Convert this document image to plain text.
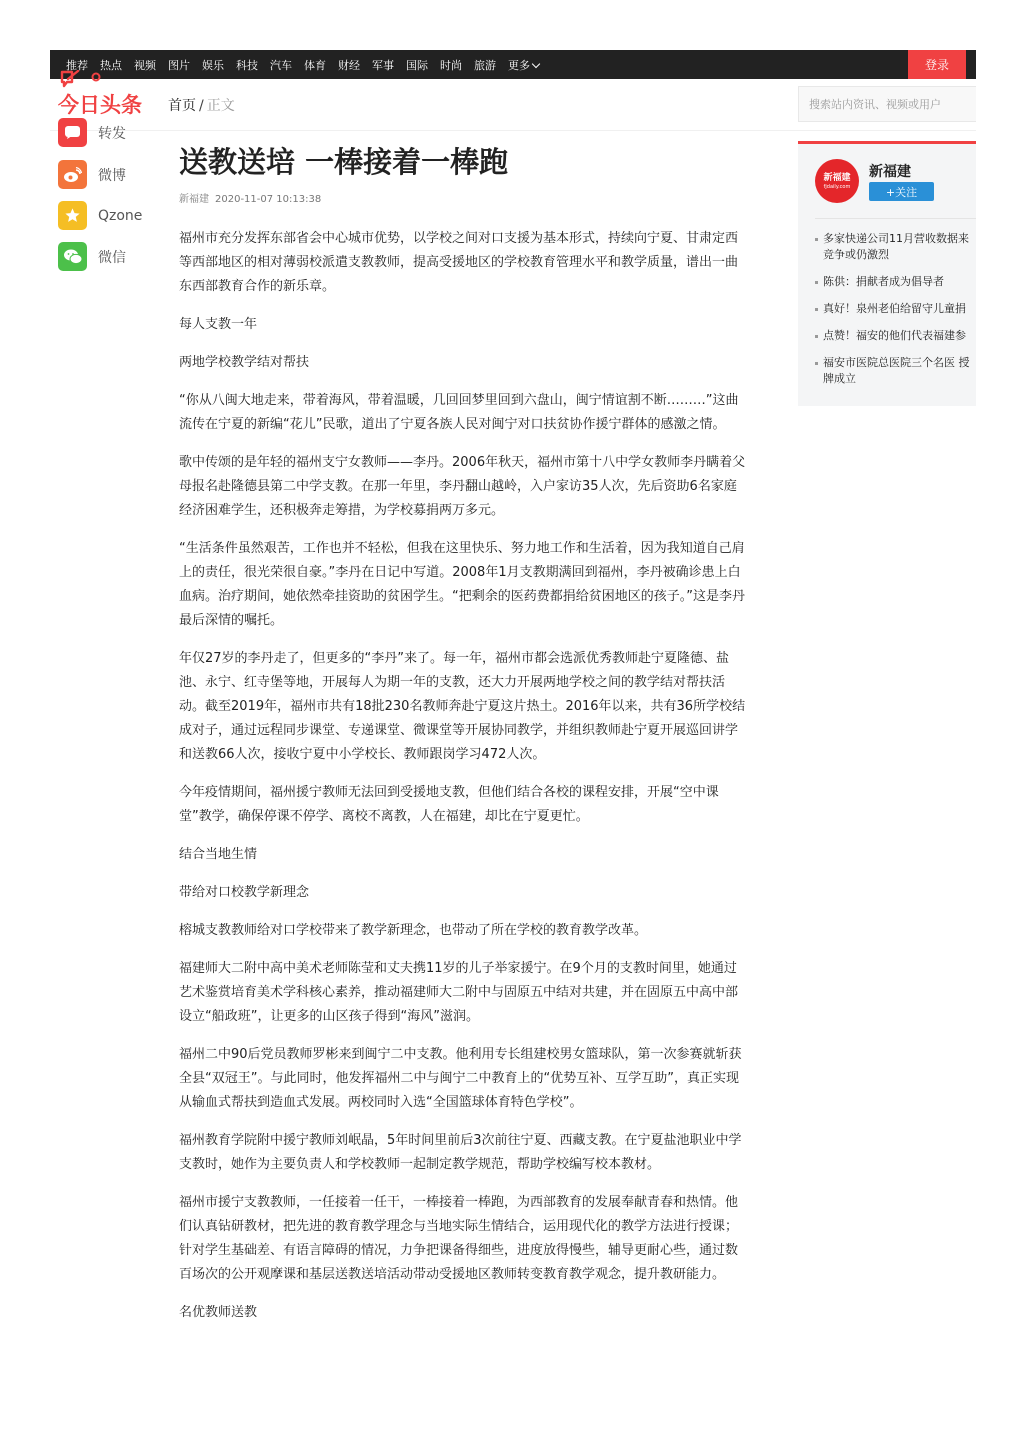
推荐 热点 视频 图片 娱乐 科技 汽车 体育 财经 军事 国际 时尚 旅游 更多	登录
今日头条 首页 / 正文
搜索站内资讯、视频或用户
转发
微博
Qzone
微信
送教送培 一棒接着一棒跑
新福建 2020-11-07 10:13:38

福州市充分发挥东部省会中心城市优势，以学校之间对口支援为基本形式，持续向宁夏、甘肃定西等西部地区的相对薄弱校派遣支教教师，提高受援地区的学校教育管理水平和教学质量，谱出一曲东西部教育合作的新乐章。

每人支教一年

两地学校教学结对帮扶

“你从八闽大地走来，带着海风，带着温暖，几回回梦里回到六盘山，闽宁情谊割不断………”这曲流传在宁夏的新编“花儿”民歌，道出了宁夏各族人民对闽宁对口扶贫协作援宁群体的感激之情。

歌中传颂的是年轻的福州支宁女教师——李丹。2006年秋天，福州市第十八中学女教师李丹瞒着父母报名赴隆德县第二中学支教。在那一年里，李丹翻山越岭，入户家访35人次，先后资助6名家庭经济困难学生，还积极奔走筹措，为学校募捐两万多元。

“生活条件虽然艰苦，工作也并不轻松，但我在这里快乐、努力地工作和生活着，因为我知道自己肩上的责任，很光荣很自豪。”李丹在日记中写道。2008年1月支教期满回到福州，李丹被确诊患上白血病。治疗期间，她依然牵挂资助的贫困学生。“把剩余的医药费都捐给贫困地区的孩子。”这是李丹最后深情的嘱托。

年仅27岁的李丹走了，但更多的“李丹”来了。每一年，福州市都会选派优秀教师赴宁夏隆德、盐池、永宁、红寺堡等地，开展每人为期一年的支教，还大力开展两地学校之间的教学结对帮扶活动。截至2019年，福州市共有18批230名教师奔赴宁夏这片热土。2016年以来，共有36所学校结成对子，通过远程同步课堂、专递课堂、微课堂等开展协同教学，并组织教师赴宁夏开展巡回讲学和送教66人次，接收宁夏中小学校长、教师跟岗学习472人次。

今年疫情期间，福州援宁教师无法回到受援地支教，但他们结合各校的课程安排，开展“空中课堂”教学，确保停课不停学、离校不离教，人在福建，却比在宁夏更忙。

结合当地生情

带给对口校教学新理念

榕城支教教师给对口学校带来了教学新理念，也带动了所在学校的教育教学改革。

福建师大二附中高中美术老师陈莹和丈夫携11岁的儿子举家援宁。在9个月的支教时间里，她通过艺术鉴赏培育美术学科核心素养，推动福建师大二附中与固原五中结对共建，并在固原五中高中部设立“船政班”，让更多的山区孩子得到“海风”滋润。

福州二中90后党员教师罗彬来到闽宁二中支教。他利用专长组建校男女篮球队，第一次参赛就斩获全县“双冠王”。与此同时，他发挥福州二中与闽宁二中教育上的“优势互补、互学互助”，真正实现从输血式帮扶到造血式发展。两校同时入选“全国篮球体育特色学校”。

福州教育学院附中援宁教师刘岷晶，5年时间里前后3次前往宁夏、西藏支教。在宁夏盐池职业中学支教时，她作为主要负责人和学校教师一起制定教学规范，帮助学校编写校本教材。

福州市援宁支教教师，一任接着一任干，一棒接着一棒跑，为西部教育的发展奉献青春和热情。他们认真钻研教材，把先进的教育教学理念与当地实际生情结合，运用现代化的教学方法进行授课；针对学生基础差、有语言障碍的情况，力争把课备得细些，进度放得慢些，辅导更耐心些，通过数百场次的公开观摩课和基层送教送培活动带动受援地区教师转变教育教学观念，提升教研能力。

名优教师送教

新福建
fjdaily.com
新福建
+关注
多家快递公司11月营收数据来 竞争或仍激烈
陈供：捐献者成为倡导者
真好！泉州老伯给留守儿童捐
点赞！福安的他们代表福建参
福安市医院总医院三个名医 授牌成立
